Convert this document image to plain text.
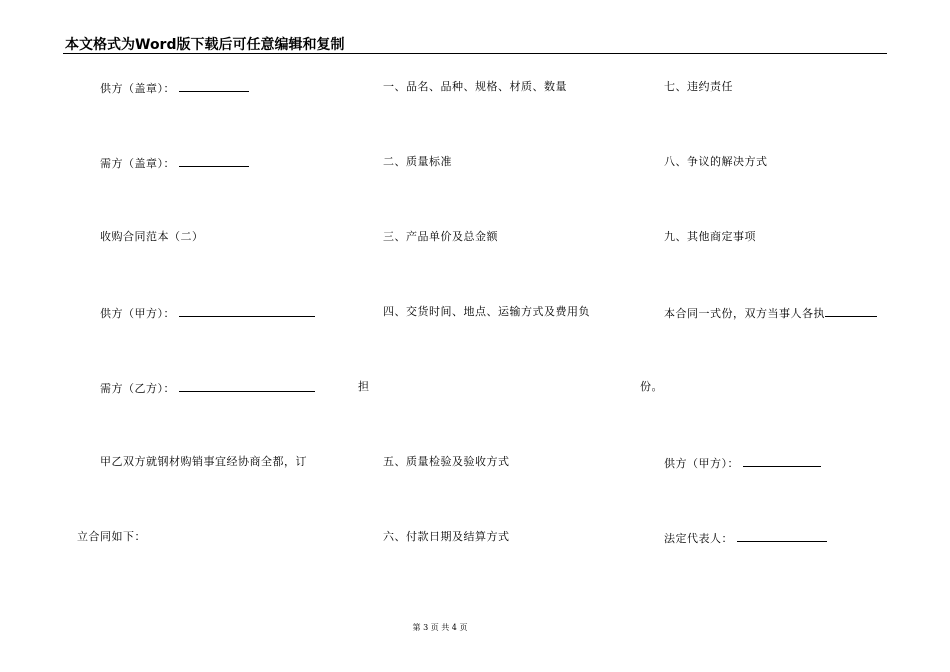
本文格式为Word版下载后可任意编辑和复制
供方（盖章）：
需方（盖章）：
收购合同范本（二）
供方（甲方）：
需方（乙方）：
甲乙双方就钢材购销事宜经协商全都，订
立合同如下：
一、品名、品种、规格、材质、数量
二、质量标准
三、产品单价及总金额
四、交货时间、地点、运输方式及费用负
担
五、质量检验及验收方式
六、付款日期及结算方式
七、违约责任
八、争议的解决方式
九、其他商定事项
本合同一式份，双方当事人各执
份。
供方（甲方）：
法定代表人：
第 3 页 共 4 页
